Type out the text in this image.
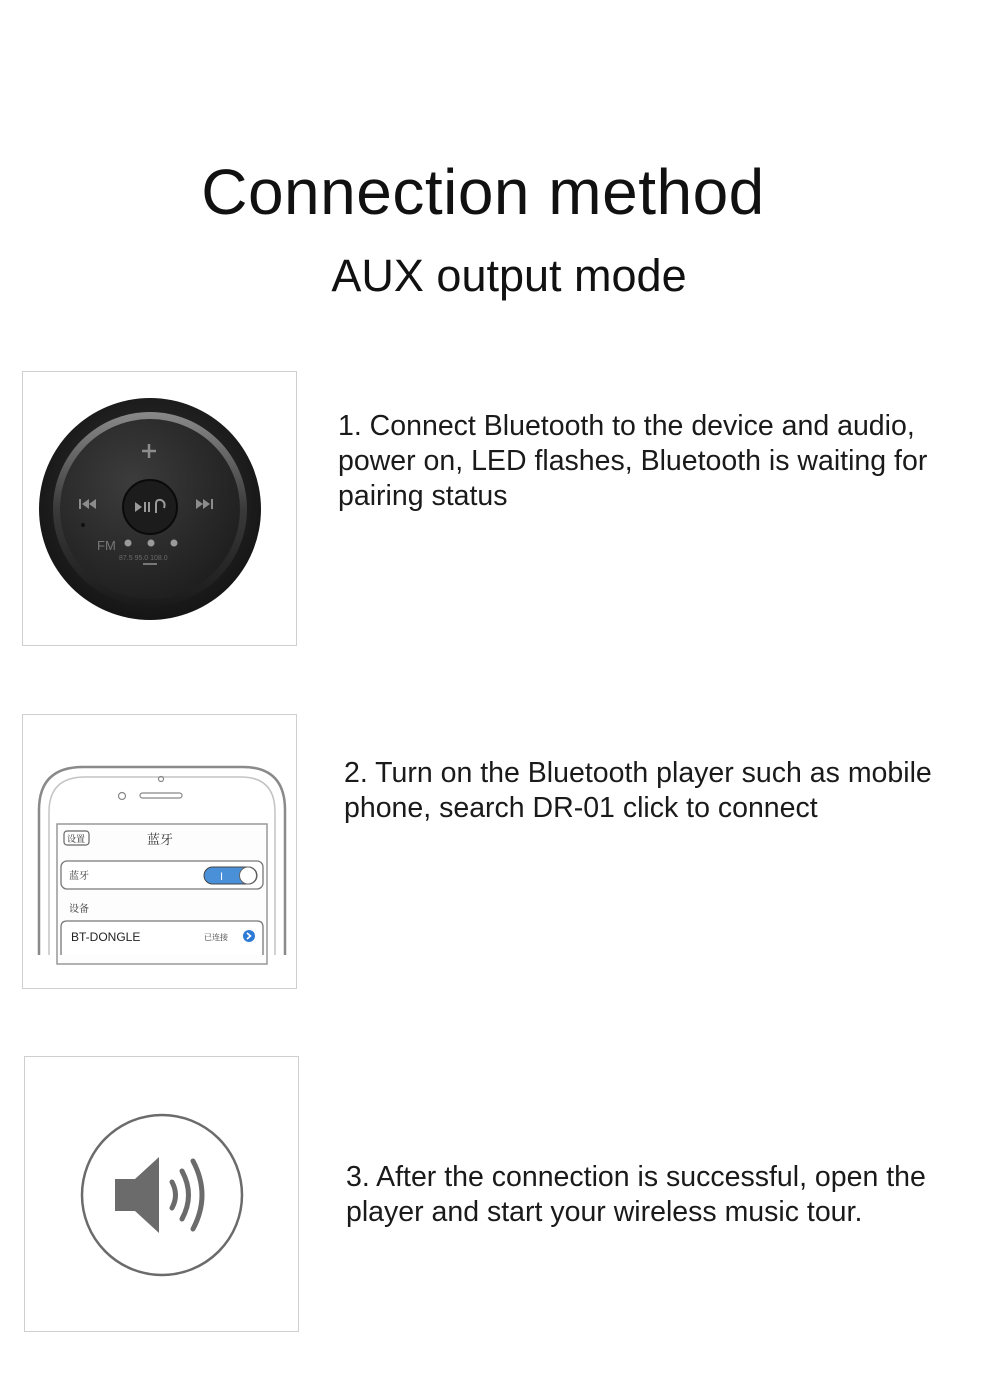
Connection method
AUX output mode
FM
87.5 95.0 108.0

1. Connect Bluetooth to the device and audio, power on, LED flashes, Bluetooth is waiting for pairing status

设置	蓝牙
蓝牙	I
设备
BT-DONGLE	已连接

2. Turn on the Bluetooth player such as mobile phone, search DR-01 click to connect

3. After the connection is successful, open the player and start your wireless music tour.
